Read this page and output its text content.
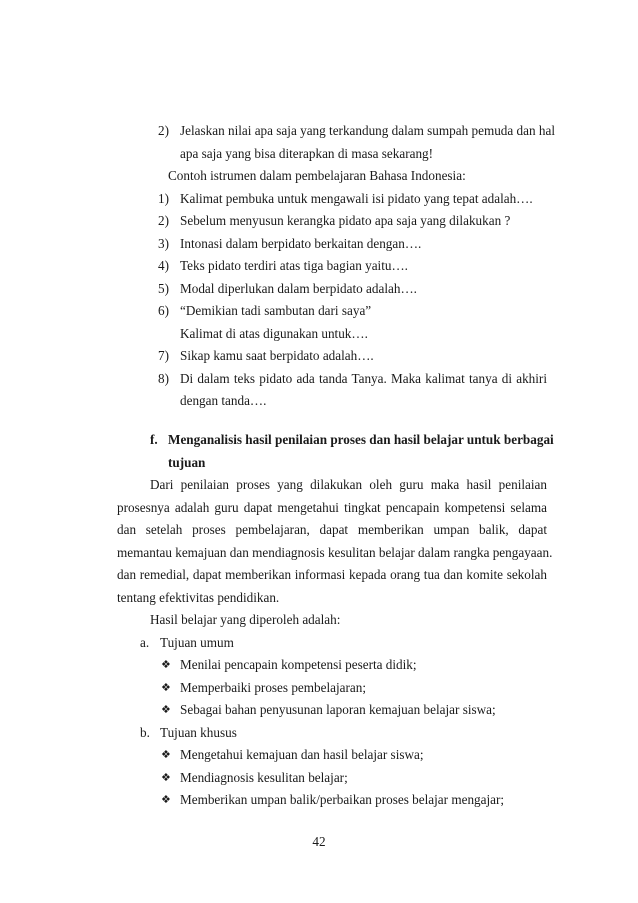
2) Jelaskan nilai apa saja yang terkandung dalam sumpah pemuda dan hal
apa saja yang bisa diterapkan di masa sekarang!
Contoh istrumen dalam pembelajaran Bahasa Indonesia:
1) Kalimat pembuka untuk mengawali isi pidato yang tepat adalah….
2) Sebelum menyusun kerangka pidato apa saja yang dilakukan ?
3) Intonasi dalam berpidato berkaitan dengan….
4) Teks pidato terdiri atas tiga bagian yaitu….
5) Modal diperlukan dalam berpidato adalah….
6) “Demikian tadi sambutan dari saya”
Kalimat di atas digunakan untuk….
7) Sikap kamu saat berpidato adalah….
8) Di dalam teks pidato ada tanda Tanya. Maka kalimat tanya di akhiri
dengan tanda….
f. Menganalisis hasil penilaian proses dan hasil belajar untuk berbagai
tujuan
Dari penilaian proses yang dilakukan oleh guru maka hasil penilaian
prosesnya adalah guru dapat mengetahui tingkat pencapain kompetensi selama
dan setelah proses pembelajaran, dapat memberikan umpan balik, dapat
memantau kemajuan dan mendiagnosis kesulitan belajar dalam rangka pengayaan.
dan remedial, dapat memberikan informasi kepada orang tua dan komite sekolah
tentang efektivitas pendidikan.
Hasil belajar yang diperoleh adalah:
a. Tujuan umum
❖ Menilai pencapain kompetensi peserta didik;
❖ Memperbaiki proses pembelajaran;
❖ Sebagai bahan penyusunan laporan kemajuan belajar siswa;
b. Tujuan khusus
❖ Mengetahui kemajuan dan hasil belajar siswa;
❖ Mendiagnosis kesulitan belajar;
❖ Memberikan umpan balik/perbaikan proses belajar mengajar;
42
